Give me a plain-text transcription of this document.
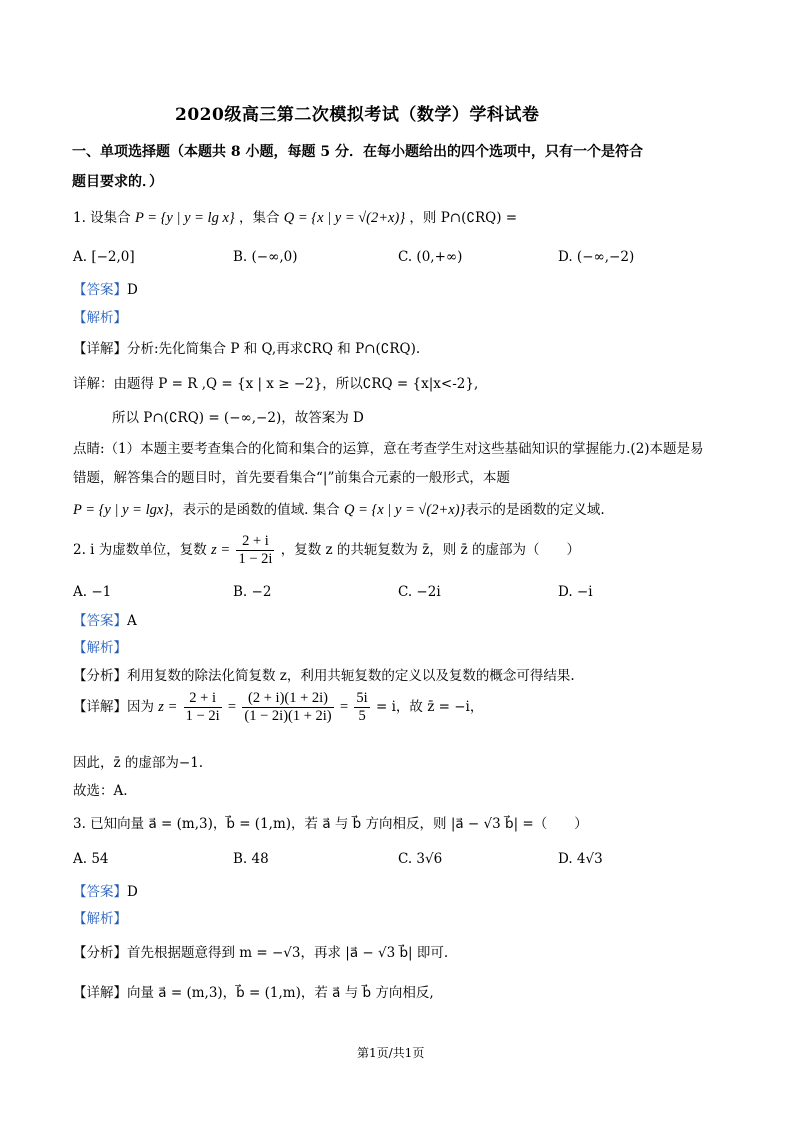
2020级高三第二次模拟考试（数学）学科试卷
一、单项选择题（本题共 8 小题，每题 5 分．在每小题给出的四个选项中，只有一个是符合
题目要求的．）
1. 设集合 P = {y | y = lg x} ，集合 Q = {x | y = √(2+x)} ，则 P∩(∁RQ) =
A. [−2,0]	B. (−∞,0)	C. (0,+∞)	D. (−∞,−2)
【答案】D
【解析】
【详解】分析:先化简集合 P 和 Q,再求∁RQ 和 P∩(∁RQ).
详解：由题得 P = R ,Q = {x | x ≥ −2}，所以∁RQ = {x|x<-2},
所以 P∩(∁RQ) = (−∞,−2)，故答案为 D
点睛:（1）本题主要考查集合的化简和集合的运算，意在考查学生对这些基础知识的掌握能力.(2)本题是易
错题，解答集合的题目时，首先要看集合“|”前集合元素的一般形式，本题
P = {y | y = lgx}，表示的是函数的值域. 集合 Q = {x | y = √(2+x)}表示的是函数的定义域.
2. i 为虚数单位，复数 $z = \frac{2 + i}{1 - 2i}$ ，复数 z 的共轭复数为 z̄，则 z̄ 的虚部为（　　）
A. −1	B. −2	C. −2i	D. −i
【答案】A
【解析】
【分析】利用复数的除法化简复数 z，利用共轭复数的定义以及复数的概念可得结果.
【详解】因为 $z = \frac{2 + i}{1 - 2i} = \frac{(2 + i)(1 + 2i)}{(1 - 2i)(1 + 2i)} = \frac{5i}{5} = i$，故 z̄ = −i，
因此，z̄ 的虚部为−1.
故选：A.
3. 已知向量 a⃗ = (m,3)，b⃗ = (1,m)，若 a⃗ 与 b⃗ 方向相反，则 |a⃗ − √3 b⃗| =（　　）
A. 54	B. 48	C. 3√6	D. 4√3
【答案】D
【解析】
【分析】首先根据题意得到 m = −√3，再求 |a⃗ − √3 b⃗| 即可.
【详解】向量 a⃗ = (m,3)，b⃗ = (1,m)，若 a⃗ 与 b⃗ 方向相反,
第1页/共1页
